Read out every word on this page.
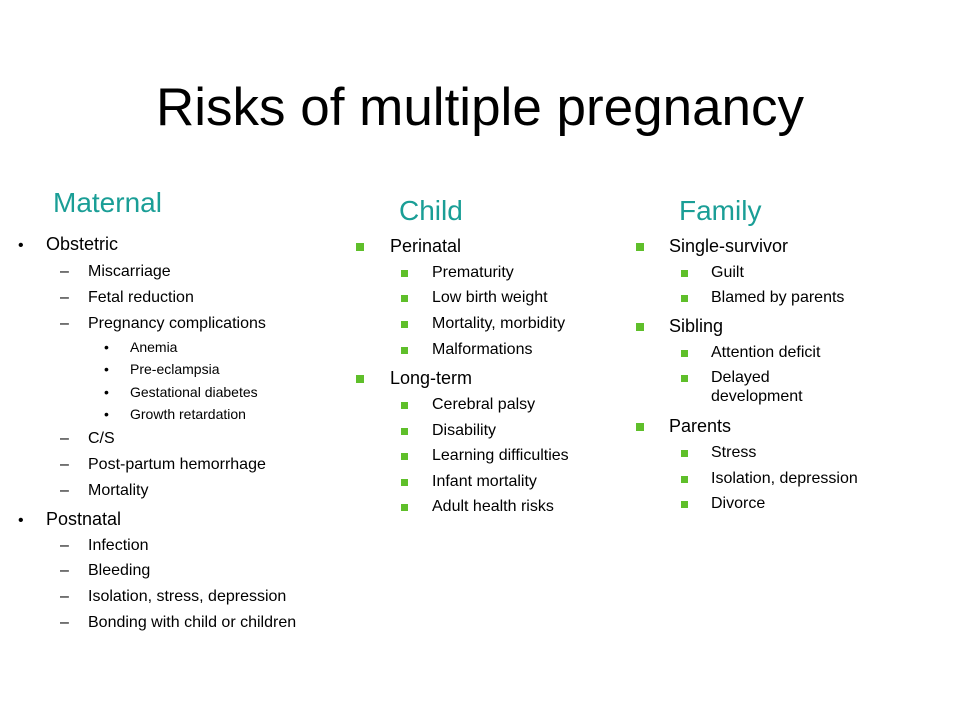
Risks of multiple pregnancy
Maternal	Child	Family
• Obstetric
– Miscarriage
– Fetal reduction
– Pregnancy complications
• Anemia
• Pre-eclampsia
• Gestational diabetes
• Growth retardation
– C/S
– Post-partum hemorrhage
– Mortality
• Postnatal
– Infection
– Bleeding
– Isolation, stress, depression
– Bonding with child or children
Perinatal
Prematurity
Low birth weight
Mortality, morbidity
Malformations
Long-term
Cerebral palsy
Disability
Learning difficulties
Infant mortality
Adult health risks
Single-survivor
Guilt
Blamed by parents
Sibling
Attention deficit
Delayed development
Parents
Stress
Isolation, depression
Divorce
